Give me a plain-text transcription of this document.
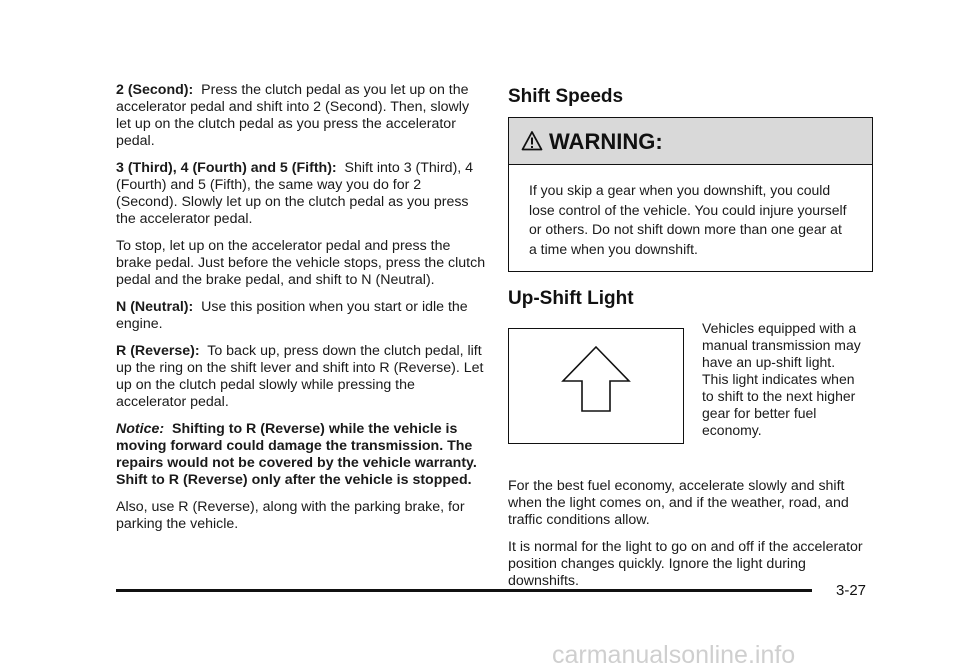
2 (Second): Press the clutch pedal as you let up on the accelerator pedal and shift into 2 (Second). Then, slowly let up on the clutch pedal as you press the accelerator pedal.

3 (Third), 4 (Fourth) and 5 (Fifth): Shift into 3 (Third), 4 (Fourth) and 5 (Fifth), the same way you do for 2 (Second). Slowly let up on the clutch pedal as you press the accelerator pedal.

To stop, let up on the accelerator pedal and press the brake pedal. Just before the vehicle stops, press the clutch pedal and the brake pedal, and shift to N (Neutral).

N (Neutral): Use this position when you start or idle the engine.

R (Reverse): To back up, press down the clutch pedal, lift up the ring on the shift lever and shift into R (Reverse). Let up on the clutch pedal slowly while pressing the accelerator pedal.

Notice: Shifting to R (Reverse) while the vehicle is moving forward could damage the transmission. The repairs would not be covered by the vehicle warranty. Shift to R (Reverse) only after the vehicle is stopped.

Also, use R (Reverse), along with the parking brake, for parking the vehicle.

Shift Speeds
WARNING:
If you skip a gear when you downshift, you could lose control of the vehicle. You could injure yourself or others. Do not shift down more than one gear at a time when you downshift.
Up-Shift Light
Vehicles equipped with a manual transmission may have an up-shift light. This light indicates when to shift to the next higher gear for better fuel economy.

For the best fuel economy, accelerate slowly and shift when the light comes on, and if the weather, road, and traffic conditions allow.

It is normal for the light to go on and off if the accelerator position changes quickly. Ignore the light during downshifts.

3-27
carmanualsonline.info
